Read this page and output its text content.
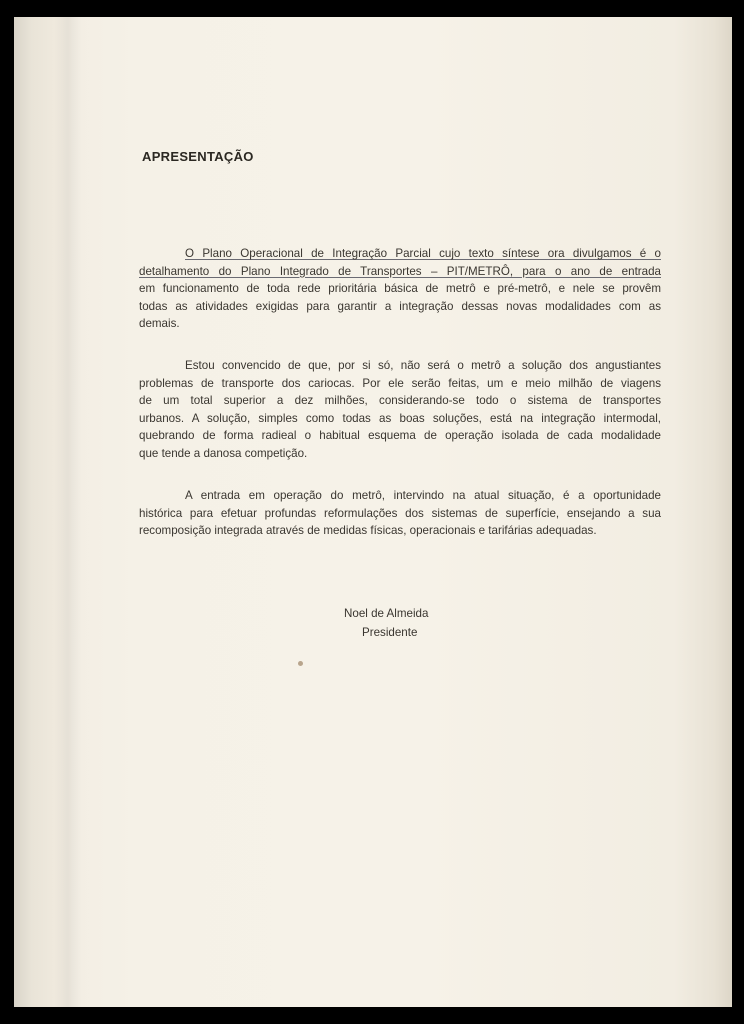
APRESENTAÇÃO
O Plano Operacional de Integração Parcial cujo texto síntese ora divulgamos é o
detalhamento do Plano Integrado de Transportes – PIT/METRÔ, para o ano de entrada
em funcionamento de toda rede prioritária básica de metrô e pré-metrô, e nele se provêm
todas as atividades exigidas para garantir a integração dessas novas modalidades com as
demais.
Estou convencido de que, por si só, não será o metrô a solução dos angustiantes
problemas de transporte dos cariocas. Por ele serão feitas, um e meio milhão de viagens
de um total superior a dez milhões, considerando-se todo o sistema de transportes
urbanos. A solução, simples como todas as boas soluções, está na integração intermodal,
quebrando de forma radieal o habitual esquema de operação isolada de cada modalidade
que tende a danosa competição.
A entrada em operação do metrô, intervindo na atual situação, é a oportunidade
histórica para efetuar profundas reformulações dos sistemas de superfície, ensejando a sua
recomposição integrada através de medidas físicas, operacionais e tarifárias adequadas.
Noel de Almeida
Presidente
